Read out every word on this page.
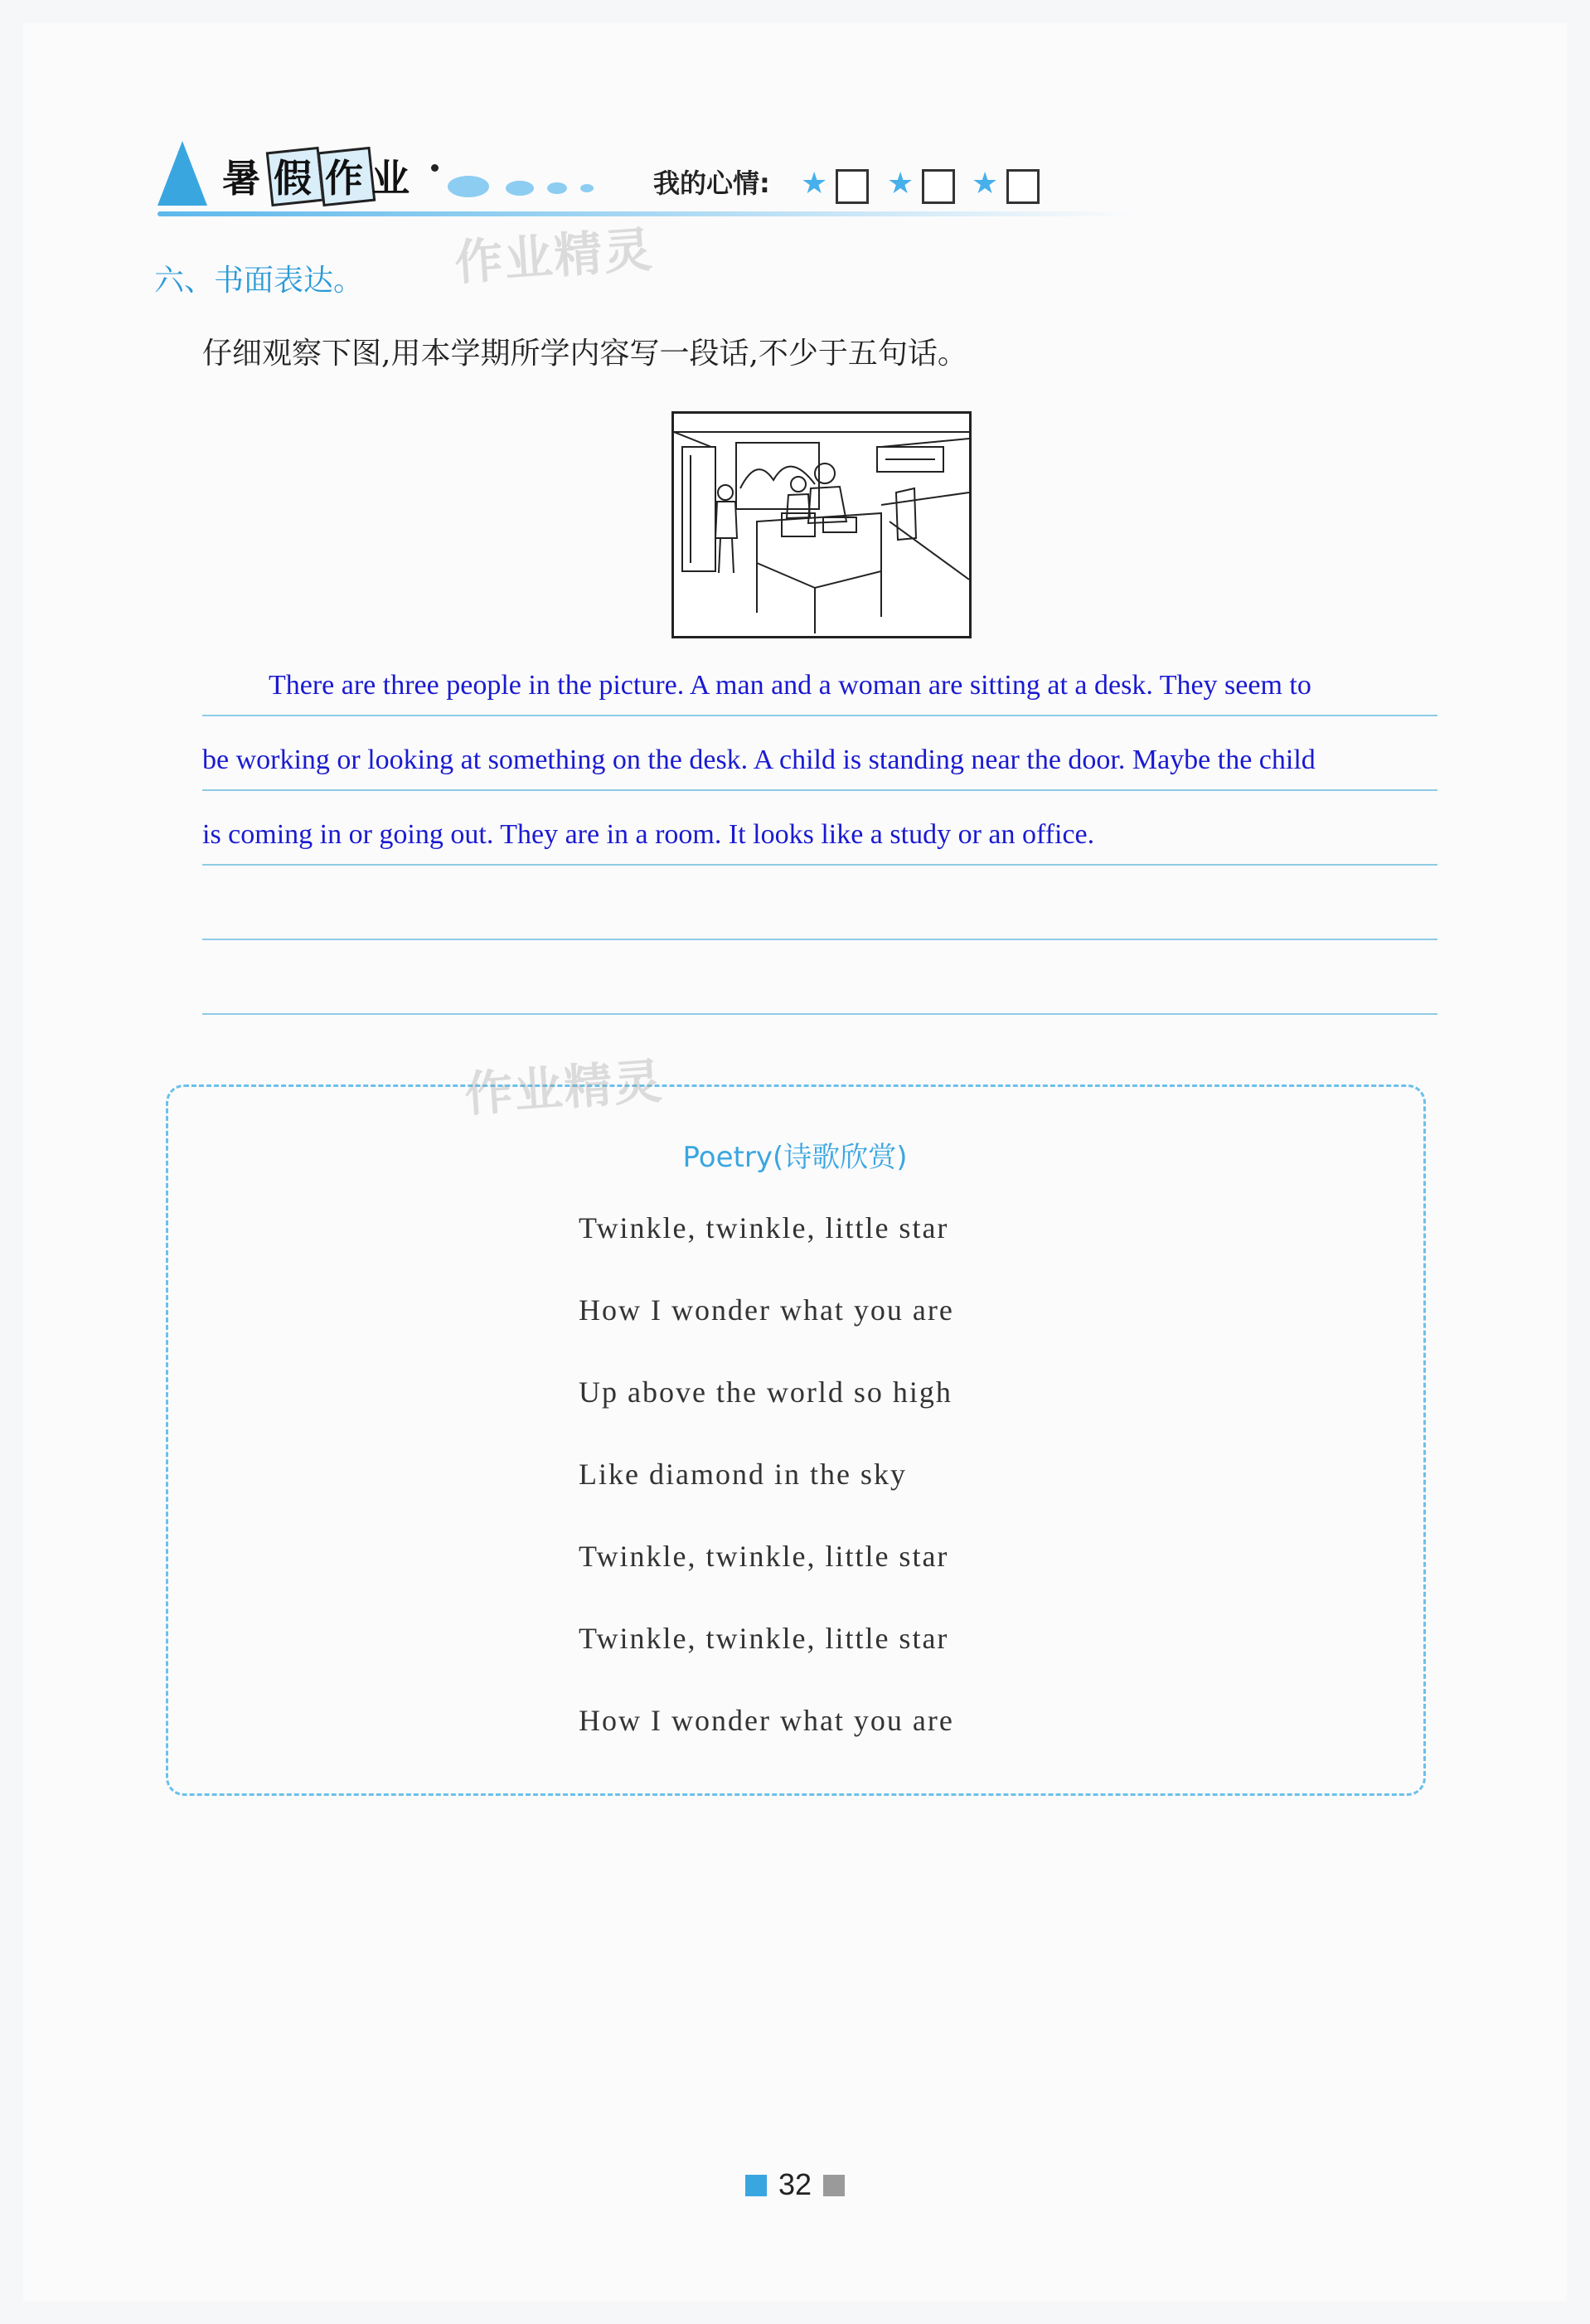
暑 假 作 业	我的心情: ★ ★ ★
作业精灵
六、书面表达。
仔细观察下图,用本学期所学内容写一段话,不少于五句话。
There are three people in the picture. A man and a woman are sitting at a desk. They seem to
be working or looking at something on the desk. A child is standing near the door. Maybe the child
is coming in or going out. They are in a room. It looks like a study or an office.
作业精灵
Poetry(诗歌欣赏)
Twinkle, twinkle, little star
How I wonder what you are
Up above the world so high
Like diamond in the sky
Twinkle, twinkle, little star
Twinkle, twinkle, little star
How I wonder what you are
32
